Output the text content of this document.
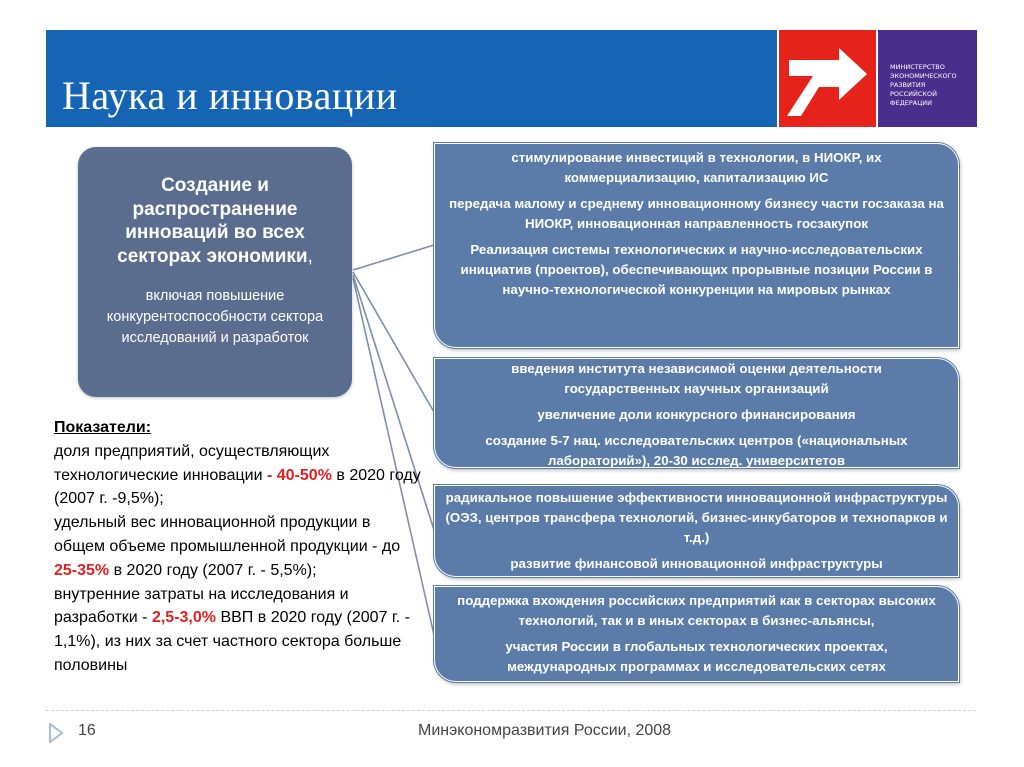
Наука и инновации
МИНИСТЕРСТВО
ЭКОНОМИЧЕСКОГО
РАЗВИТИЯ
РОССИЙСКОЙ
ФЕДЕРАЦИИ
Создание и распространение инноваций во всех секторах экономики,
включая повышение конкурентоспособности сектора исследований и разработок

стимулирование инвестиций в технологии, в НИОКР, их коммерциализацию, капитализацию ИС

передача малому и среднему инновационному бизнесу части госзаказа на НИОКР, инновационная направленность госзакупок

Реализация системы технологических и научно-исследовательских инициатив (проектов), обеспечивающих прорывные позиции России в научно-технологической конкуренции на мировых рынках

введения института независимой оценки деятельности государственных научных организаций

увеличение доли конкурсного финансирования

создание 5-7 нац. исследовательских центров («национальных лабораторий»), 20-30 исслед. университетов

радикальное повышение эффективности инновационной инфраструктуры (ОЭЗ, центров трансфера технологий, бизнес-инкубаторов и технопарков и т.д.)

развитие финансовой инновационной инфраструктуры

поддержка вхождения российских предприятий как в секторах высоких технологий, так и в иных секторах в бизнес-альянсы,

участия России в глобальных технологических проектах, международных программах и исследовательских сетях

Показатели:
доля предприятий, осуществляющих технологические инновации - 40-50% в 2020 году (2007 г. -9,5%);
удельный вес инновационной продукции в общем объеме промышленной продукции - до 25-35% в 2020 году (2007 г. - 5,5%);
внутренние затраты на исследования и разработки - 2,5-3,0% ВВП в 2020 году (2007 г. - 1,1%), из них за счет частного сектора больше половины
16	Минэкономразвития России, 2008
